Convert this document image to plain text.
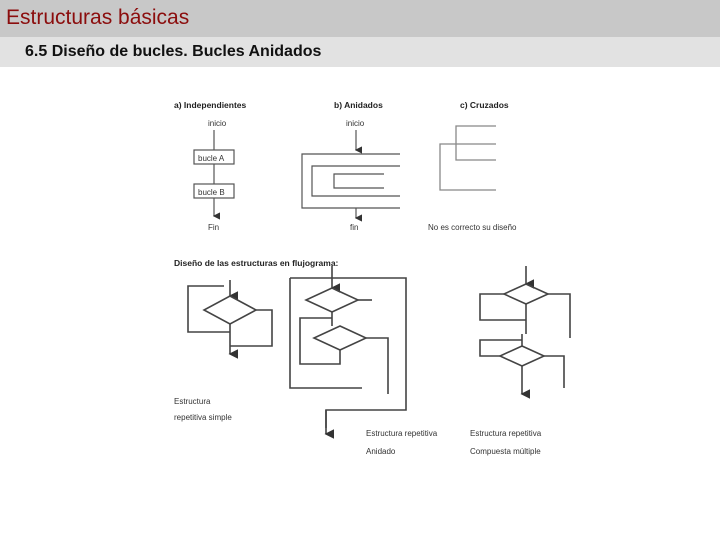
Estructuras básicas
6.5 Diseño de bucles. Bucles Anidados
a) Independientes
inicio
bucle A
bucle B
Fin
b) Anidados
inicio
fin
c) Cruzados
No es correcto su diseño
Diseño de las estructuras en flujograma:
Estructura
repetitiva simple
Estructura repetitiva
Anidado
Estructura repetitiva
Compuesta múltiple
